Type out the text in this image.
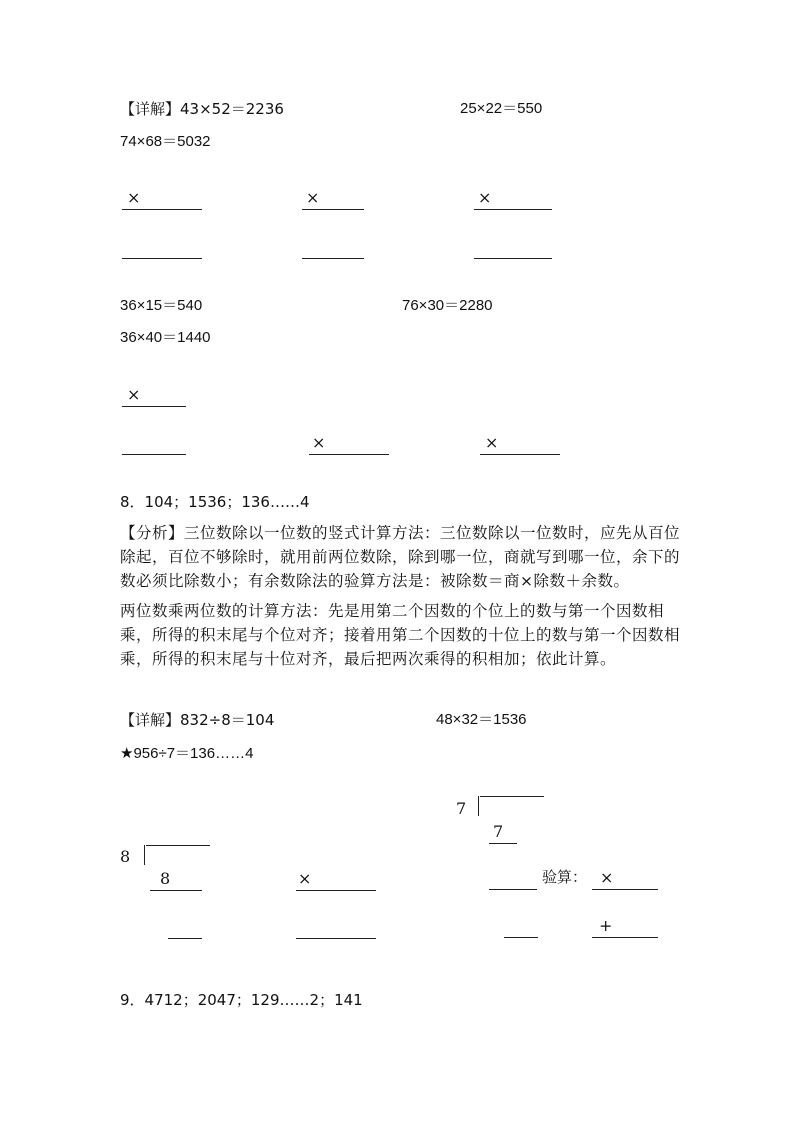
【详解】43×52＝2236	25×22＝550
74×68＝5032
×	×	×
36×15＝540	76×30＝2280
36×40＝1440
×
×	×
8．104；1536；136……4

【分析】三位数除以一位数的竖式计算方法：三位数除以一位数时，应先从百位除起，百位不够除时，就用前两位数除，除到哪一位，商就写到哪一位，余下的数必须比除数小；有余数除法的验算方法是：被除数＝商×除数＋余数。

两位数乘两位数的计算方法：先是用第二个因数的个位上的数与第一个因数相乘，所得的积末尾与个位对齐；接着用第二个因数的十位上的数与第一个因数相乘，所得的积末尾与十位对齐，最后把两次乘得的积相加；依此计算。

【详解】832÷8＝104	48×32＝1536
★956÷7＝136……4
8
8	×
7
7
验算： ×
+
9．4712；2047；129……2；141
